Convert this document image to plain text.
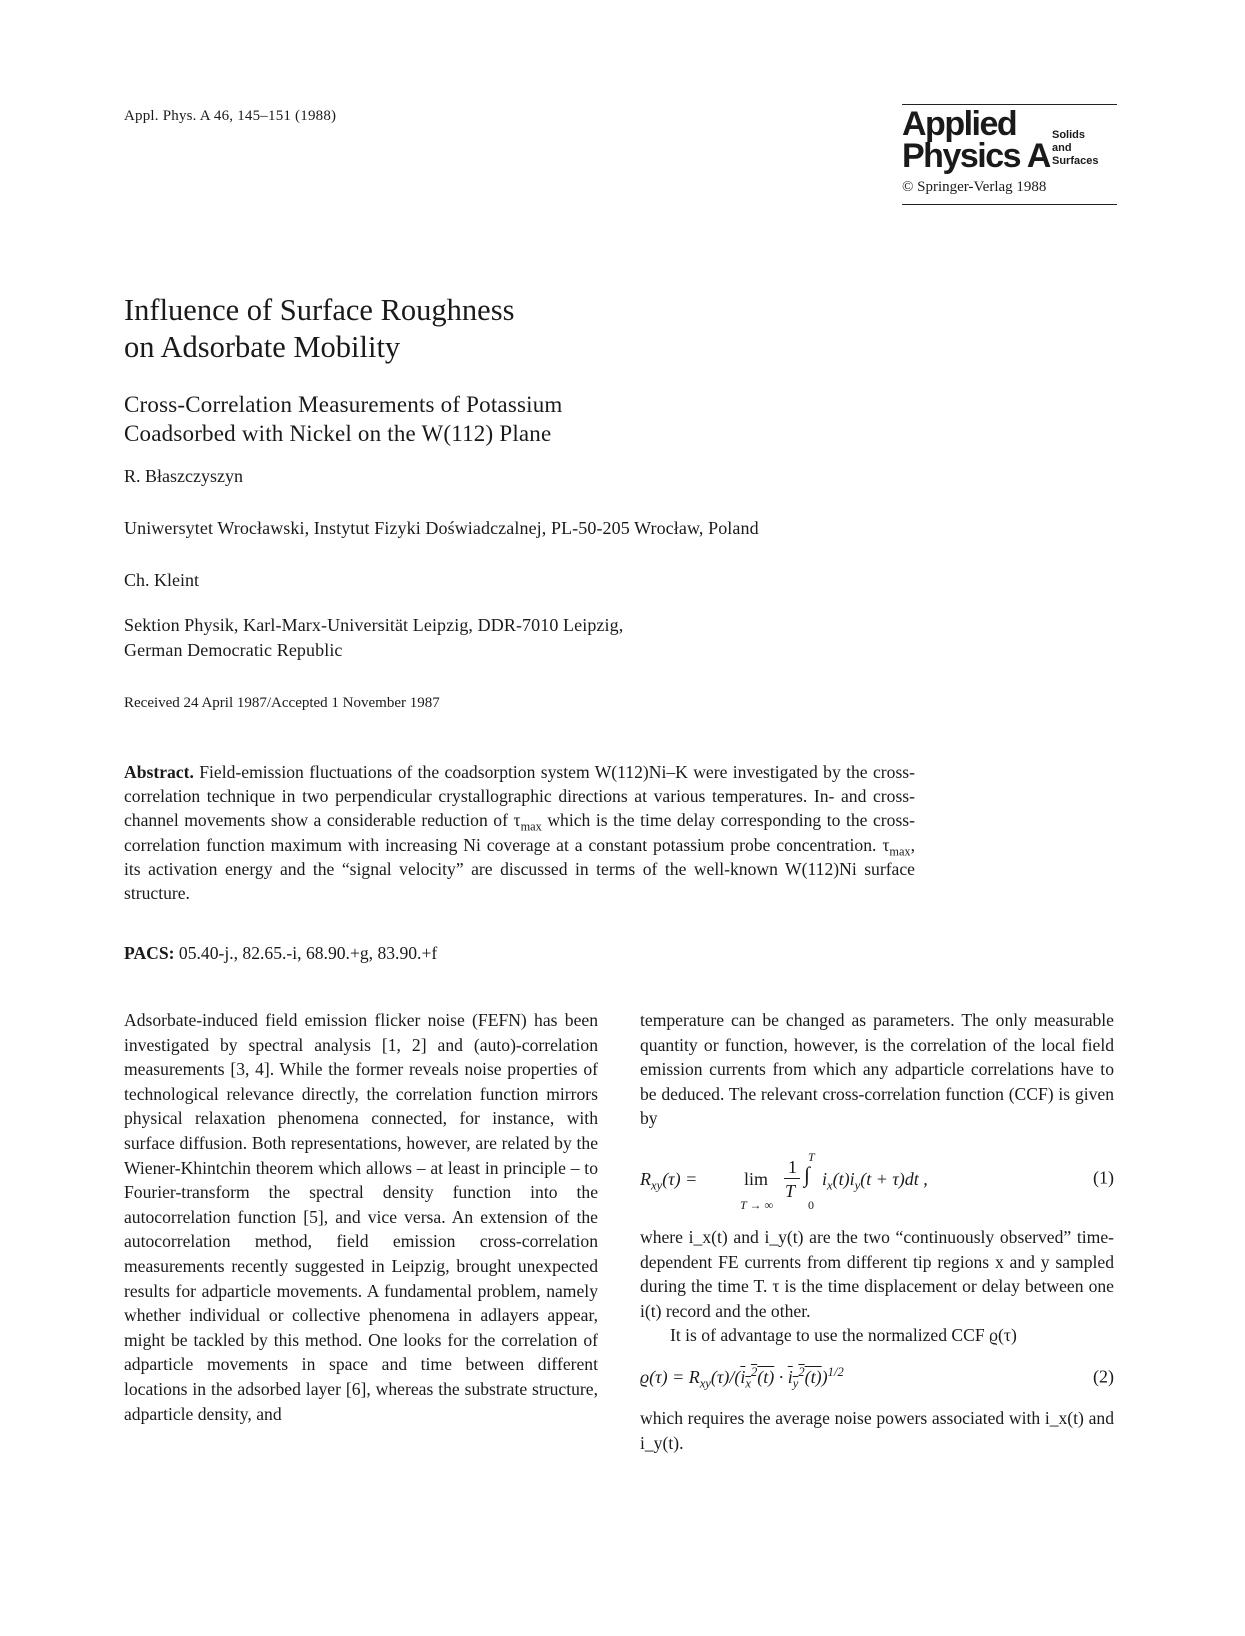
Appl. Phys. A 46, 145–151 (1988)	Applied
Physics A
Solids
and
Surfaces
© Springer-Verlag 1988
Influence of Surface Roughness
on Adsorbate Mobility
Cross-Correlation Measurements of Potassium
Coadsorbed with Nickel on the W(112) Plane
R. Błaszczyszyn
Uniwersytet Wrocławski, Instytut Fizyki Doświadczalnej, PL-50-205 Wrocław, Poland
Ch. Kleint
Sektion Physik, Karl-Marx-Universität Leipzig, DDR-7010 Leipzig,
German Democratic Republic
Received 24 April 1987/Accepted 1 November 1987
Abstract. Field-emission fluctuations of the coadsorption system W(112)Ni–K were investigated by the cross-correlation technique in two perpendicular crystallographic directions at various temperatures. In- and cross-channel movements show a considerable reduction of $\tau_{max}$ which is the time delay corresponding to the cross-correlation function maximum with increasing Ni coverage at a constant potassium probe concentration. $\tau_{max}$, its activation energy and the “signal velocity” are discussed in terms of the well-known W(112)Ni surface structure.
PACS: 05.40-j., 82.65.-i, 68.90.+g, 83.90.+f

Adsorbate-induced field emission flicker noise (FEFN) has been investigated by spectral analysis [1, 2] and (auto)-correlation measurements [3, 4]. While the former reveals noise properties of technological relevance directly, the correlation function mirrors physical relaxation phenomena connected, for instance, with surface diffusion. Both representations, however, are related by the Wiener-Khintchin theorem which allows – at least in principle – to Fourier-transform the spectral density function into the autocorrelation function [5], and vice versa. An extension of the autocorrelation method, field emission cross-correlation measurements recently suggested in Leipzig, brought unexpected results for adparticle movements. A fundamental problem, namely whether individual or collective phenomena in adlayers appear, might be tackled by this method. One looks for the correlation of adparticle movements in space and time between different locations in the adsorbed layer [6], whereas the substrate structure, adparticle density, and

temperature can be changed as parameters. The only measurable quantity or function, however, is the correlation of the local field emission currents from which any adparticle correlations have to be deduced. The relevant cross-correlation function (CCF) is given by

$R_{xy}(\tau)$ =	lim
T → ∞
1
T
T
∫
0
$i_x(t)i_y(t + \tau)dt$ ,	(1)

where i_x(t) and i_y(t) are the two “continuously observed” time-dependent FE currents from different tip regions x and y sampled during the time T. τ is the time displacement or delay between one i(t) record and the other.

It is of advantage to use the normalized CCF ϱ(τ)

$ϱ(\tau) = R_{xy}(\tau)/(i_x^2(t) \cdot i_y^2(t))^{1/2}$	(2)

which requires the average noise powers associated with i_x(t) and i_y(t).
